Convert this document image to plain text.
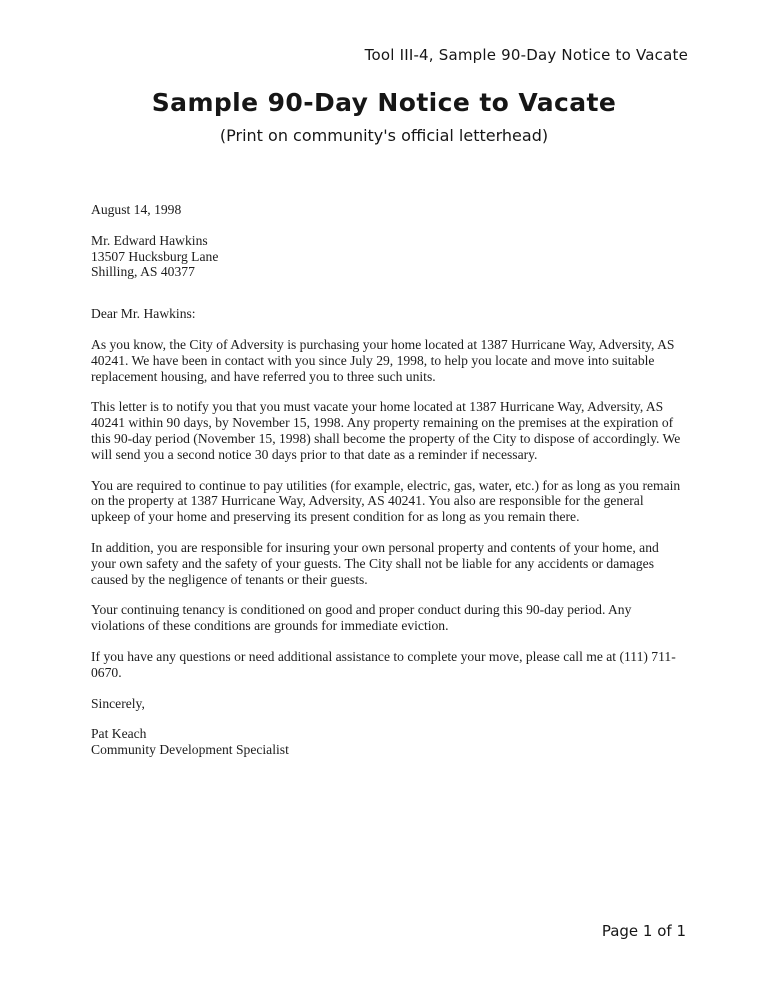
Tool III-4, Sample 90-Day Notice to Vacate
Sample 90-Day Notice to Vacate
(Print on community's official letterhead)

August 14, 1998

Mr. Edward Hawkins
13507 Hucksburg Lane
Shilling, AS 40377

Dear Mr. Hawkins:

As you know, the City of Adversity is purchasing your home located at 1387 Hurricane Way, Adversity, AS 40241. We have been in contact with you since July 29, 1998, to help you locate and move into suitable replacement housing, and have referred you to three such units.

This letter is to notify you that you must vacate your home located at 1387 Hurricane Way, Adversity, AS 40241 within 90 days, by November 15, 1998. Any property remaining on the premises at the expiration of this 90-day period (November 15, 1998) shall become the property of the City to dispose of accordingly. We will send you a second notice 30 days prior to that date as a reminder if necessary.

You are required to continue to pay utilities (for example, electric, gas, water, etc.) for as long as you remain on the property at 1387 Hurricane Way, Adversity, AS 40241. You also are responsible for the general upkeep of your home and preserving its present condition for as long as you remain there.

In addition, you are responsible for insuring your own personal property and contents of your home, and your own safety and the safety of your guests. The City shall not be liable for any accidents or damages caused by the negligence of tenants or their guests.

Your continuing tenancy is conditioned on good and proper conduct during this 90-day period. Any violations of these conditions are grounds for immediate eviction.

If you have any questions or need additional assistance to complete your move, please call me at (111) 711-0670.

Sincerely,

Pat Keach
Community Development Specialist
Page 1 of 1
